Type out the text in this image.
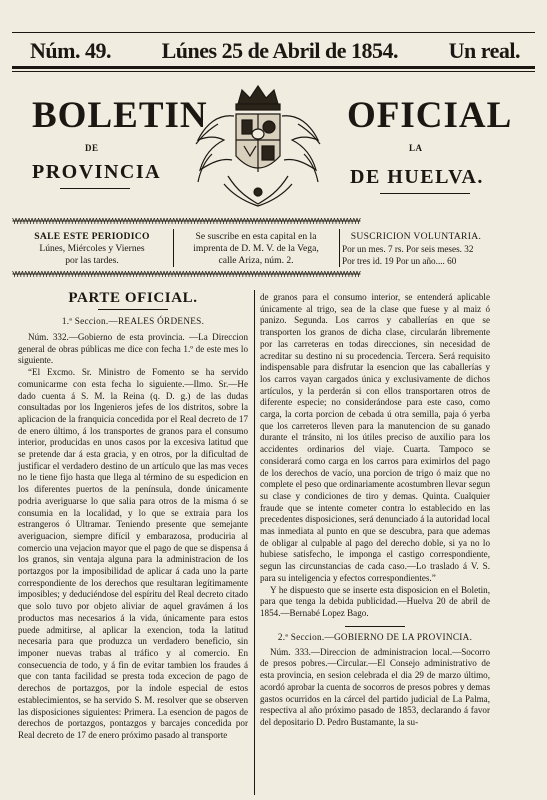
Núm. 49. Lúnes 25 de Abril de 1854. Un real.
BOLETIN
DE
PROVINCIA
OFICIAL
LA
DE HUELVA.
¥¥¥¥¥¥¥¥¥¥¥¥¥¥¥¥¥¥¥¥¥¥¥¥¥¥¥¥¥¥¥¥¥¥¥¥¥¥¥¥¥¥¥¥¥¥¥¥¥¥¥¥¥¥¥¥¥¥¥¥¥¥¥¥¥¥¥¥¥¥¥¥¥¥¥¥¥¥¥¥¥¥¥¥¥¥¥¥¥¥¥¥¥¥¥¥¥¥¥¥¥¥¥¥¥¥¥¥
SALE ESTE PERIODICO
Lúnes, Miércoles y Viernes
por las tardes.
Se suscribe en esta capital en la
imprenta de D. M. V. de la Vega,
calle Ariza, núm. 2.
SUSCRICION VOLUNTARIA.
Por un mes. 7 rs. Por seis meses. 32
Por tres id. 19 Por un año.... 60
¥¥¥¥¥¥¥¥¥¥¥¥¥¥¥¥¥¥¥¥¥¥¥¥¥¥¥¥¥¥¥¥¥¥¥¥¥¥¥¥¥¥¥¥¥¥¥¥¥¥¥¥¥¥¥¥¥¥¥¥¥¥¥¥¥¥¥¥¥¥¥¥¥¥¥¥¥¥¥¥¥¥¥¥¥¥¥¥¥¥¥¥¥¥¥¥¥¥¥¥¥¥¥¥¥¥¥¥
PARTE OFICIAL.
1.ª Seccion.—REALES ÓRDENES.

Núm. 332.—Gobierno de esta provincia. —La Direccion general de obras públicas me dice con fecha 1.º de este mes lo siguiente.

“El Excmo. Sr. Ministro de Fomento se ha servido comunicarme con esta fecha lo siguiente.—Ilmo. Sr.—He dado cuenta á S. M. la Reina (q. D. g.) de las dudas consultadas por los Ingenieros jefes de los distritos, sobre la aplicacion de la franquicia concedida por el Real decreto de 17 de enero último, á los transportes de granos para el consumo interior, producidas en unos casos por la excesiva latitud que se pretende dar á esta gracia, y en otros, por la dificultad de justificar el verdadero destino de un artículo que las mas veces no le tiene fijo hasta que llega al término de su espedicion en los diferentes puertos de la península, donde únicamente podria averiguarse lo que salia para otros de la misma ó se consumia en la localidad, y lo que se extraia para los estrangeros ó Ultramar. Teniendo presente que semejante averiguacion, siempre difícil y embarazosa, produciria al comercio una vejacion mayor que el pago de que se dispensa á los granos, sin ventaja alguna para la administracion de los portazgos por la imposibilidad de aplicar á cada uno la parte correspondiente de los derechos que resultaran legítimamente imposibles; y deduciéndose del espíritu del Real decreto citado que solo tuvo por objeto aliviar de aquel gravámen á los productos mas necesarios á la vida, únicamente para estos puede admitirse, al aplicar la exencion, toda la latitud necesaria para que produzca un verdadero beneficio, sin imponer nuevas trabas al tráfico y al comercio. En consecuencia de todo, y á fin de evitar tambien los fraudes á que con tanta facilidad se presta toda excecion de pago de derechos de portazgos, por la índole especial de estos establecimientos, se ha servido S. M. resolver que se observen las disposiciones siguientes: Primera. La esencion de pagos de derechos de portazgos, pontazgos y barcajes concedida por Real decreto de 17 de enero próximo pasado al transporte

de granos para el consumo interior, se entenderá aplicable únicamente al trigo, sea de la clase que fuese y al maiz ó panizo. Segunda. Los carros y caballerías en que se transporten los granos de dicha clase, circularán libremente por las carreteras en todas direcciones, sin necesidad de acreditar su destino ni su procedencia. Tercera. Será requisito indispensable para disfrutar la esencion que las caballerías y los carros vayan cargados única y exclusivamente de dichos artículos, y la perderán si con ellos transportaren otros de diferente especie; no considerándose para este caso, como carga, la corta porcion de cebada ú otra semilla, paja ó yerba que los carreteros lleven para la manutencion de su ganado durante el tránsito, ni los útiles preciso de auxilio para los accidentes ordinarios del viaje. Cuarta. Tampoco se considerará como carga en los carros para eximirlos del pago de los derechos de vacío, una porcion de trigo ó maiz que no complete el peso que ordinariamente acostumbren llevar segun su clase y condiciones de tiro y demas. Quinta. Cualquier fraude que se intente cometer contra lo establecido en las precedentes disposiciones, será denunciado á la autoridad local mas inmediata al punto en que se descubra, para que ademas de obligar al culpable al pago del derecho doble, si ya no lo hubiese satisfecho, le imponga el castigo correspondiente, segun las circunstancias de cada caso.—Lo traslado á V. S. para su inteligencia y efectos correspondientes.”

Y he dispuesto que se inserte esta disposicion en el Boletin, para que tenga la debida publicidad.—Huelva 20 de abril de 1854.—Bernabé Lopez Bago.

2.ª Seccion.—GOBIERNO DE LA PROVINCIA.

Núm. 333.—Direccion de administracion local.—Socorro de presos pobres.—Circular.—El Consejo administrativo de esta provincia, en sesion celebrada el dia 29 de marzo último, acordó aprobar la cuenta de socorros de presos pobres y demas gastos ocurridos en la cárcel del partido judicial de La Palma, respectiva al año próximo pasado de 1853, declarando á favor del depositario D. Pedro Bustamante, la su-
